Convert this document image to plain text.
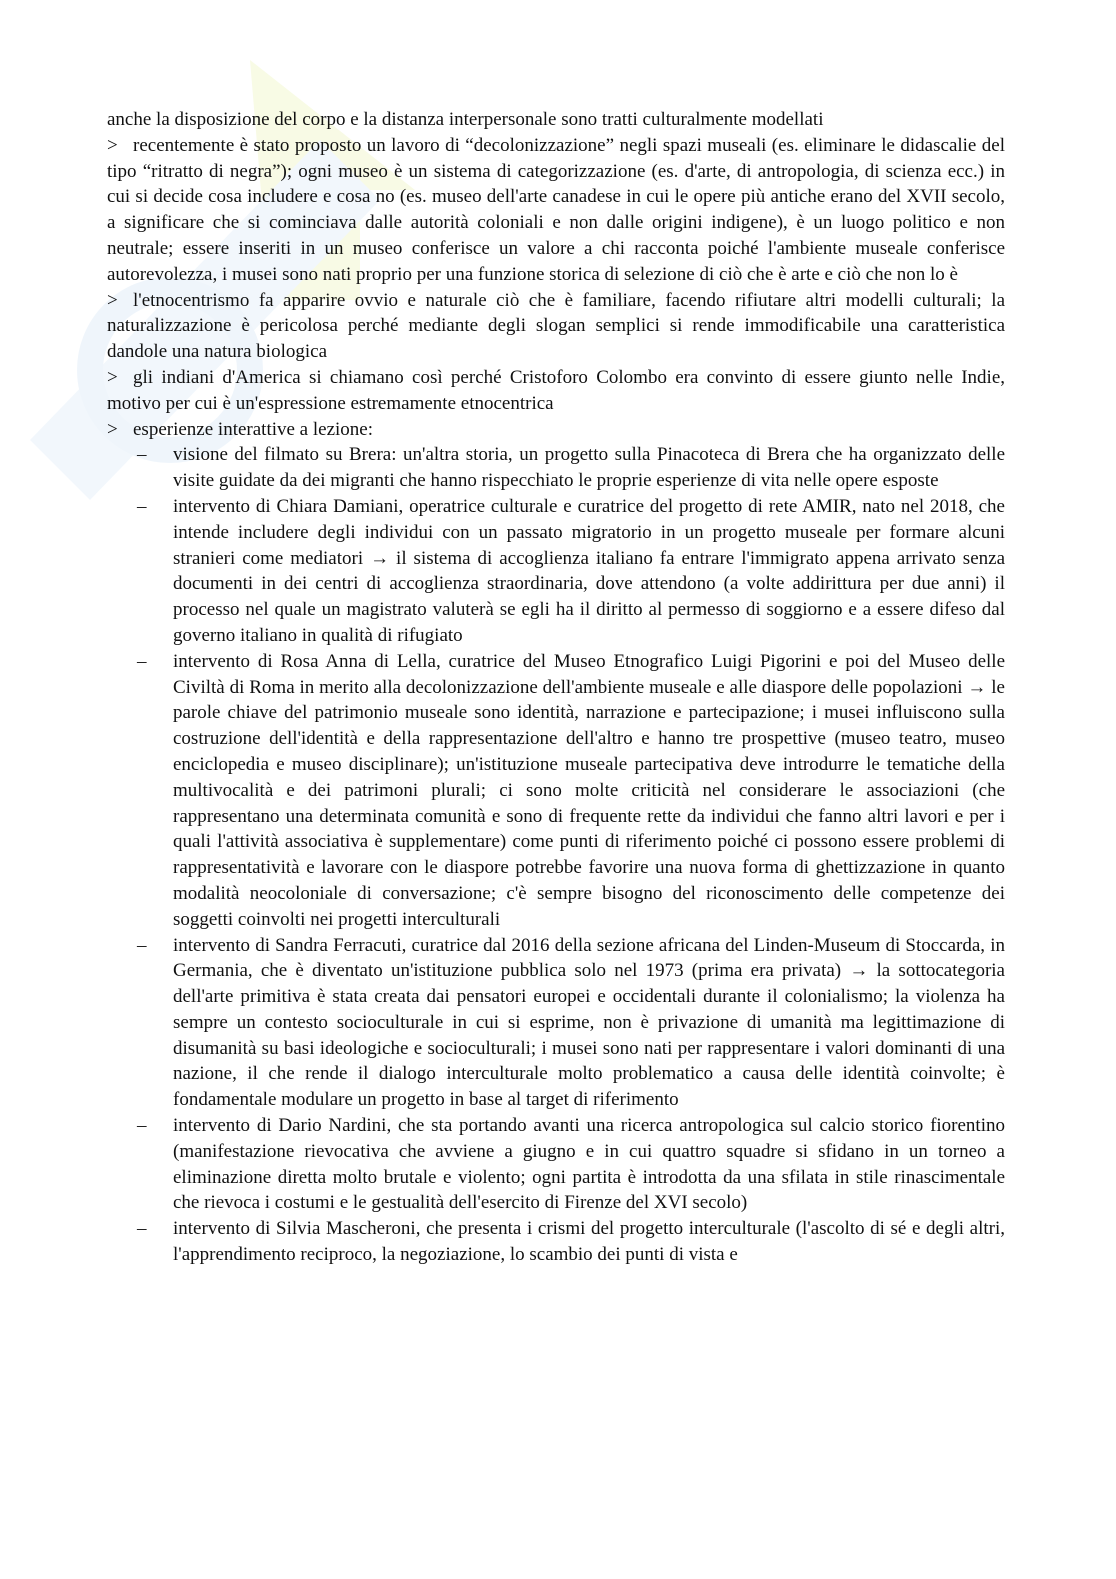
anche la disposizione del corpo e la distanza interpersonale sono tratti culturalmente modellati

> recentemente è stato proposto un lavoro di “decolonizzazione” negli spazi museali (es. eliminare le didascalie del tipo “ritratto di negra”); ogni museo è un sistema di categorizzazione (es. d'arte, di antropologia, di scienza ecc.) in cui si decide cosa includere e cosa no (es. museo dell'arte canadese in cui le opere più antiche erano del XVII secolo, a significare che si cominciava dalle autorità coloniali e non dalle origini indigene), è un luogo politico e non neutrale; essere inseriti in un museo conferisce un valore a chi racconta poiché l'ambiente museale conferisce autorevolezza, i musei sono nati proprio per una funzione storica di selezione di ciò che è arte e ciò che non lo è

> l'etnocentrismo fa apparire ovvio e naturale ciò che è familiare, facendo rifiutare altri modelli culturali; la naturalizzazione è pericolosa perché mediante degli slogan semplici si rende immodificabile una caratteristica dandole una natura biologica

> gli indiani d'America si chiamano così perché Cristoforo Colombo era convinto di essere giunto nelle Indie, motivo per cui è un'espressione estremamente etnocentrica

> esperienze interattive a lezione:

– visione del filmato su Brera: un'altra storia, un progetto sulla Pinacoteca di Brera che ha organizzato delle visite guidate da dei migranti che hanno rispecchiato le proprie esperienze di vita nelle opere esposte
– intervento di Chiara Damiani, operatrice culturale e curatrice del progetto di rete AMIR, nato nel 2018, che intende includere degli individui con un passato migratorio in un progetto museale per formare alcuni stranieri come mediatori → il sistema di accoglienza italiano fa entrare l'immigrato appena arrivato senza documenti in dei centri di accoglienza straordinaria, dove attendono (a volte addirittura per due anni) il processo nel quale un magistrato valuterà se egli ha il diritto al permesso di soggiorno e a essere difeso dal governo italiano in qualità di rifugiato
– intervento di Rosa Anna di Lella, curatrice del Museo Etnografico Luigi Pigorini e poi del Museo delle Civiltà di Roma in merito alla decolonizzazione dell'ambiente museale e alle diaspore delle popolazioni → le parole chiave del patrimonio museale sono identità, narrazione e partecipazione; i musei influiscono sulla costruzione dell'identità e della rappresentazione dell'altro e hanno tre prospettive (museo teatro, museo enciclopedia e museo disciplinare); un'istituzione museale partecipativa deve introdurre le tematiche della multivocalità e dei patrimoni plurali; ci sono molte criticità nel considerare le associazioni (che rappresentano una determinata comunità e sono di frequente rette da individui che fanno altri lavori e per i quali l'attività associativa è supplementare) come punti di riferimento poiché ci possono essere problemi di rappresentatività e lavorare con le diaspore potrebbe favorire una nuova forma di ghettizzazione in quanto modalità neocoloniale di conversazione; c'è sempre bisogno del riconoscimento delle competenze dei soggetti coinvolti nei progetti interculturali
– intervento di Sandra Ferracuti, curatrice dal 2016 della sezione africana del Linden-Museum di Stoccarda, in Germania, che è diventato un'istituzione pubblica solo nel 1973 (prima era privata) → la sottocategoria dell'arte primitiva è stata creata dai pensatori europei e occidentali durante il colonialismo; la violenza ha sempre un contesto socioculturale in cui si esprime, non è privazione di umanità ma legittimazione di disumanità su basi ideologiche e socioculturali; i musei sono nati per rappresentare i valori dominanti di una nazione, il che rende il dialogo interculturale molto problematico a causa delle identità coinvolte; è fondamentale modulare un progetto in base al target di riferimento
– intervento di Dario Nardini, che sta portando avanti una ricerca antropologica sul calcio storico fiorentino (manifestazione rievocativa che avviene a giugno e in cui quattro squadre si sfidano in un torneo a eliminazione diretta molto brutale e violento; ogni partita è introdotta da una sfilata in stile rinascimentale che rievoca i costumi e le gestualità dell'esercito di Firenze del XVI secolo)
– intervento di Silvia Mascheroni, che presenta i crismi del progetto interculturale (l'ascolto di sé e degli altri, l'apprendimento reciproco, la negoziazione, lo scambio dei punti di vista e
